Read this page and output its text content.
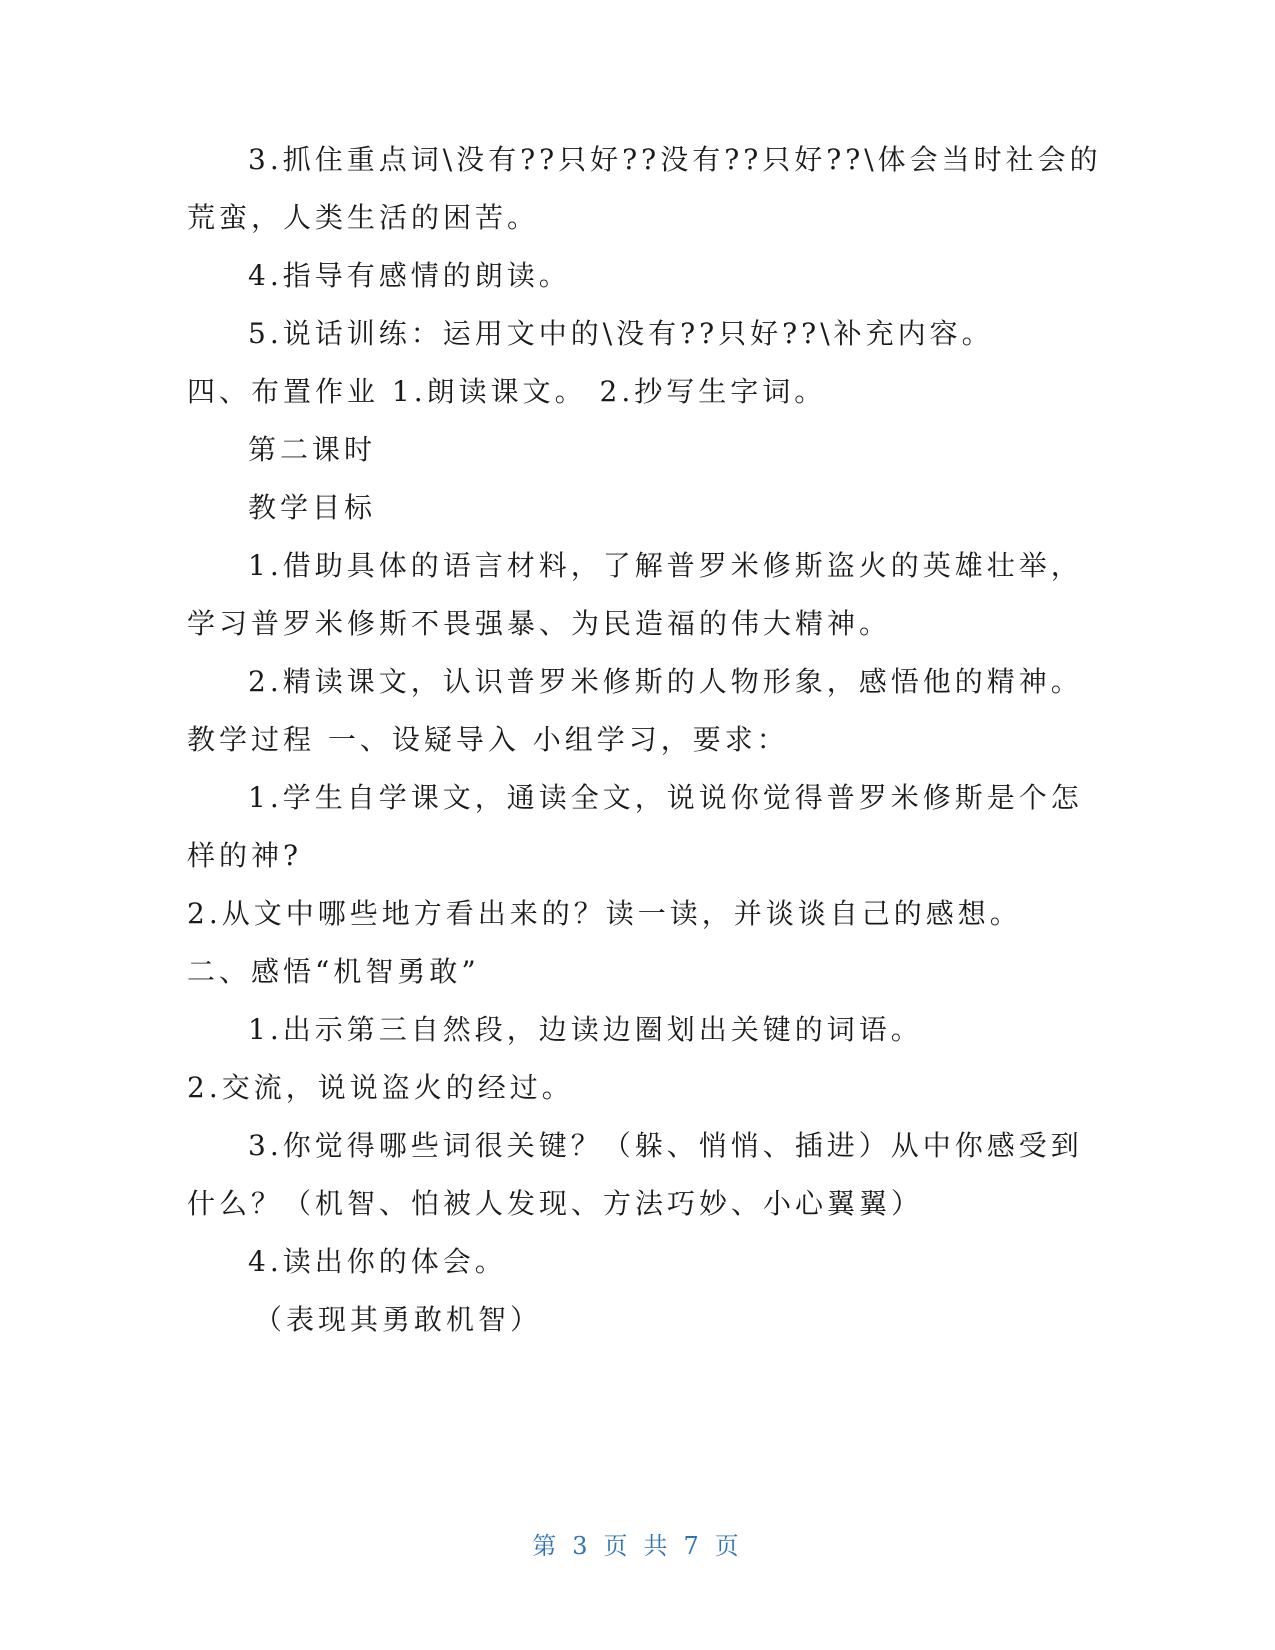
3.抓住重点词\没有??只好??没有??只好??\体会当时社会的
荒蛮，人类生活的困苦。
4.指导有感情的朗读。
5.说话训练：运用文中的\没有??只好??\补充内容。
四、布置作业 1.朗读课文。 2.抄写生字词。
第二课时
教学目标
1.借助具体的语言材料，了解普罗米修斯盗火的英雄壮举，
学习普罗米修斯不畏强暴、为民造福的伟大精神。
2.精读课文，认识普罗米修斯的人物形象，感悟他的精神。
教学过程 一、设疑导入 小组学习，要求：
1.学生自学课文，通读全文，说说你觉得普罗米修斯是个怎
样的神?
2.从文中哪些地方看出来的？读一读，并谈谈自己的感想。
二、感悟“机智勇敢”
1.出示第三自然段，边读边圈划出关键的词语。
2.交流，说说盗火的经过。
3.你觉得哪些词很关键？（躲、悄悄、插进）从中你感受到
什么？（机智、怕被人发现、方法巧妙、小心翼翼）
4.读出你的体会。
（表现其勇敢机智）
第 3 页 共 7 页
